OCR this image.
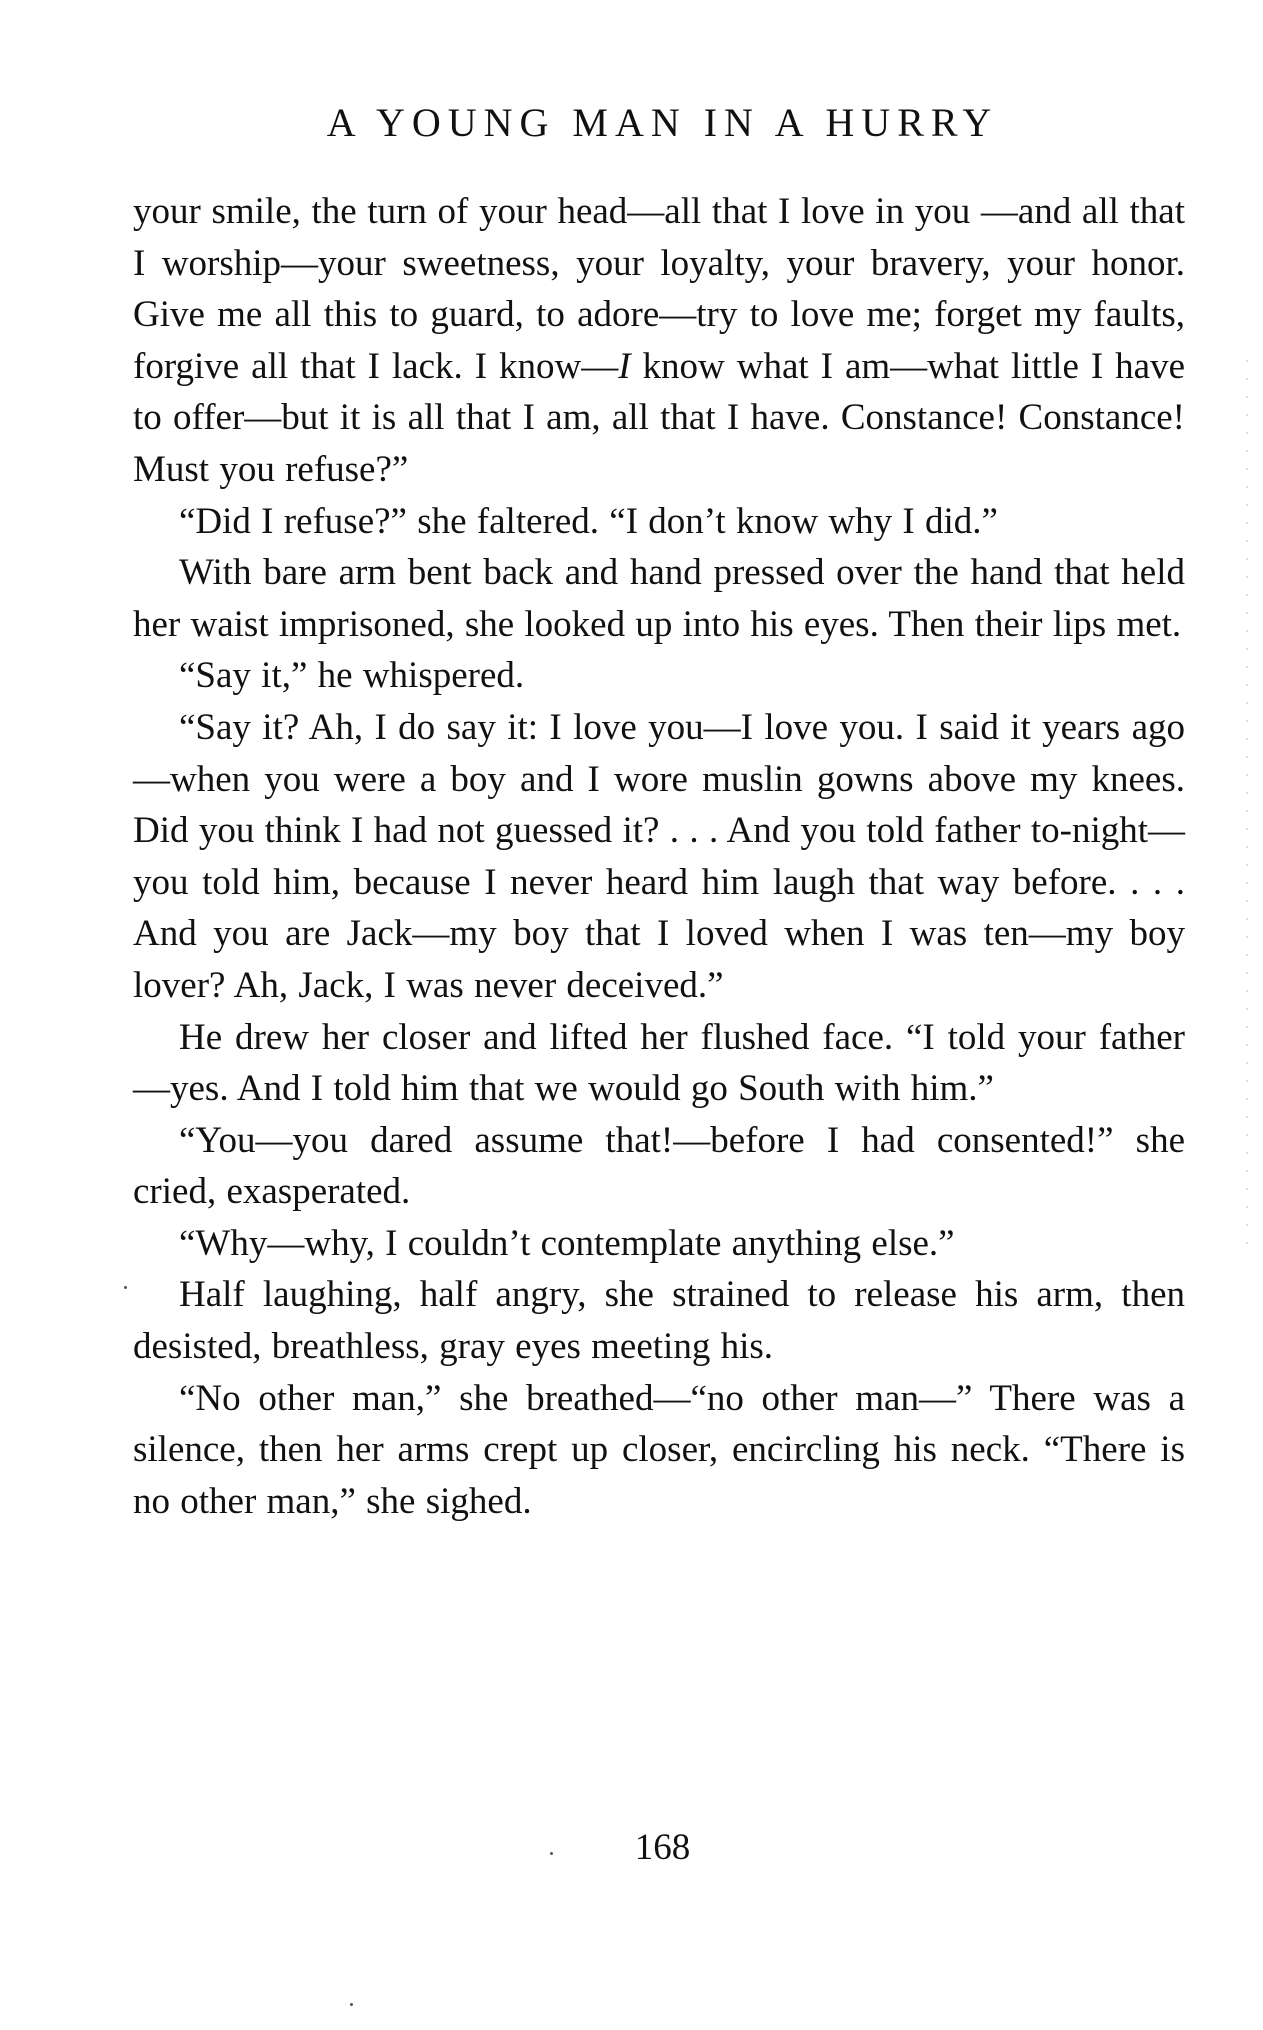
A YOUNG MAN IN A HURRY

your smile, the turn of your head—all that I love in you —and all that I worship—your sweetness, your loyalty, your bravery, your honor. Give me all this to guard, to adore—try to love me; forget my faults, forgive all that I lack. I know—I know what I am—what little I have to offer—but it is all that I am, all that I have. Constance! Constance! Must you refuse?”

“Did I refuse?” she faltered. “I don’t know why I did.”

With bare arm bent back and hand pressed over the hand that held her waist imprisoned, she looked up into his eyes. Then their lips met.

“Say it,” he whispered.

“Say it? Ah, I do say it: I love you—I love you. I said it years ago—when you were a boy and I wore muslin gowns above my knees. Did you think I had not guessed it? . . . And you told father to-night—you told him, because I never heard him laugh that way before. . . . And you are Jack—my boy that I loved when I was ten—my boy lover? Ah, Jack, I was never deceived.”

He drew her closer and lifted her flushed face. “I told your father—yes. And I told him that we would go South with him.”

“You—you dared assume that!—before I had consented!” she cried, exasperated.

“Why—why, I couldn’t contemplate anything else.”

Half laughing, half angry, she strained to release his arm, then desisted, breathless, gray eyes meeting his.

“No other man,” she breathed—“no other man—” There was a silence, then her arms crept up closer, encircling his neck. “There is no other man,” she sighed.

168
